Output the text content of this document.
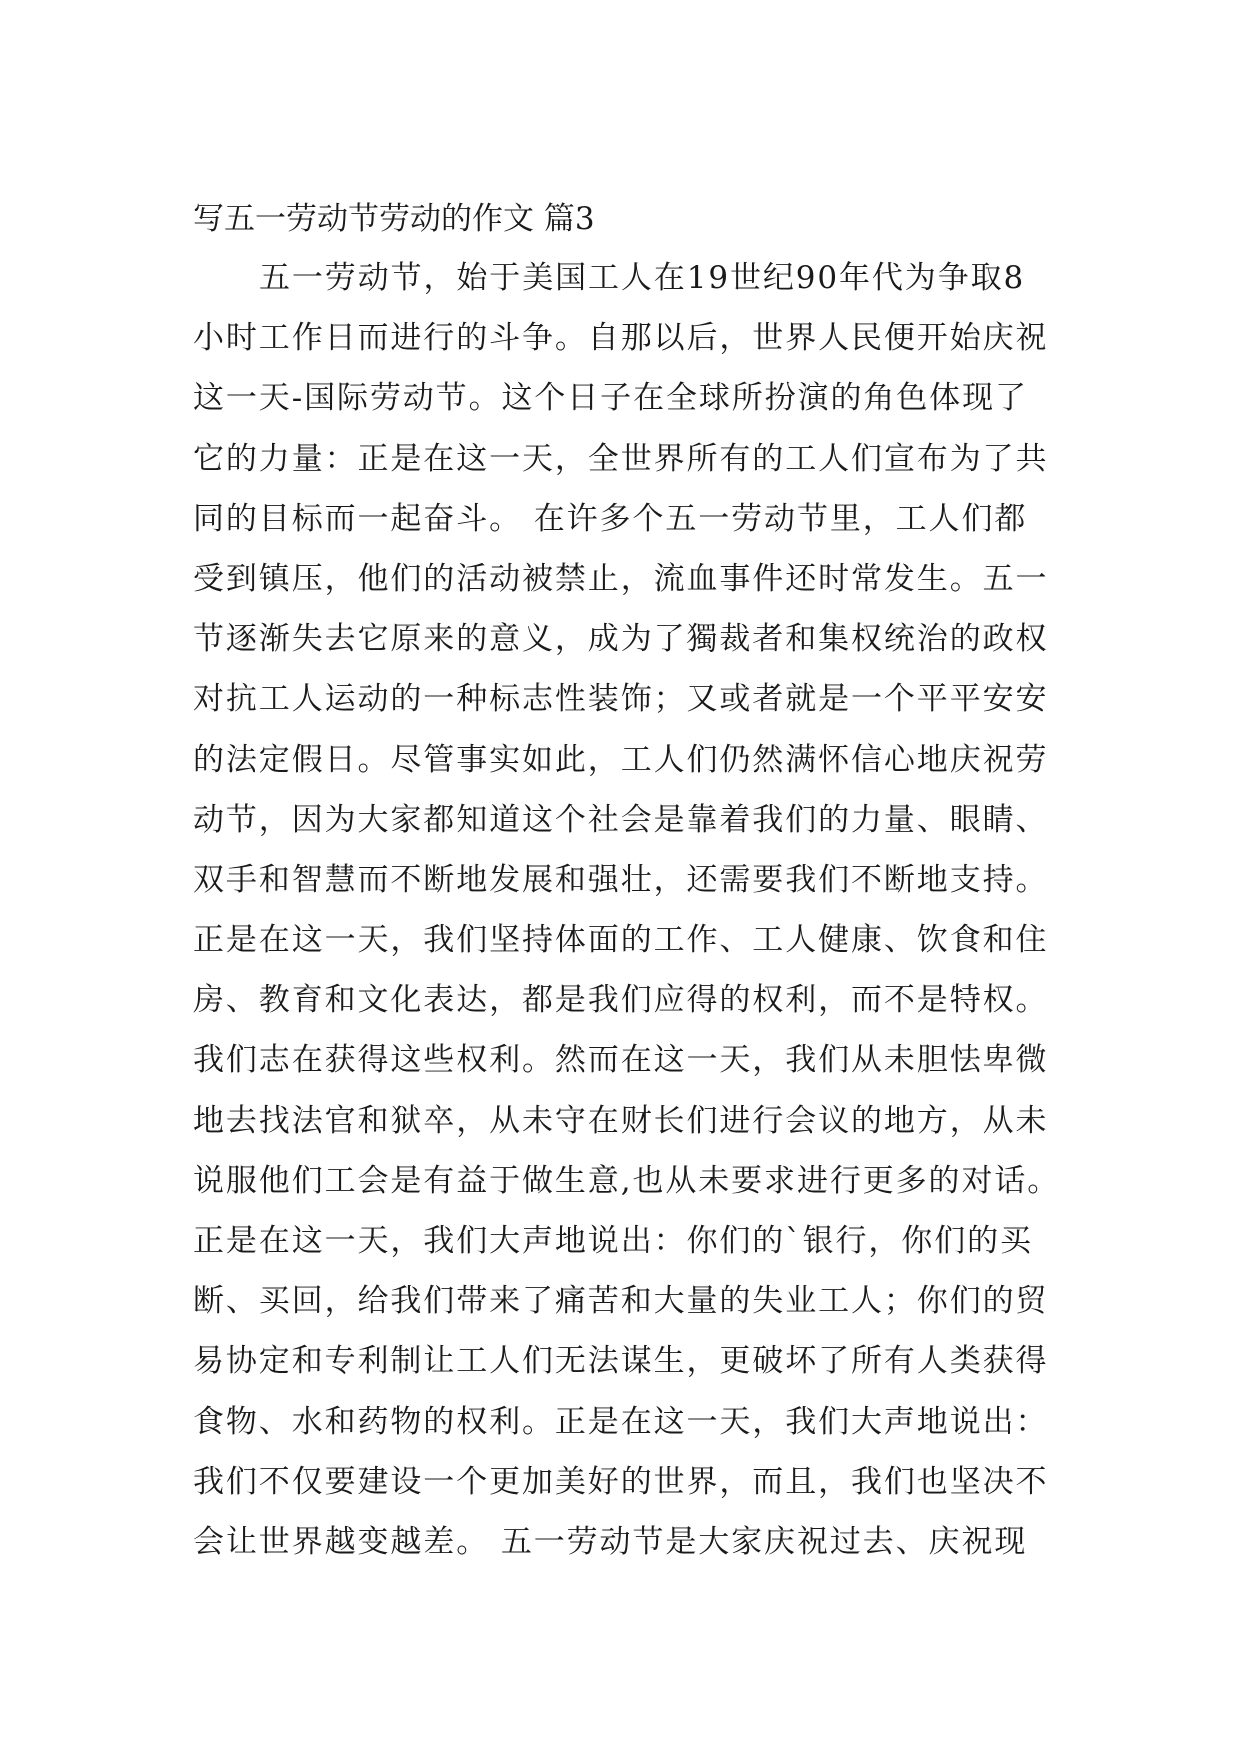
写五一劳动节劳动的作文 篇3

五一劳动节，始于美国工人在19世纪90年代为争取8

小时工作日而进行的斗争。自那以后，世界人民便开始庆祝

这一天-国际劳动节。这个日子在全球所扮演的角色体现了

它的力量：正是在这一天，全世界所有的工人们宣布为了共

同的目标而一起奋斗。 在许多个五一劳动节里，工人们都

受到镇压，他们的活动被禁止，流血事件还时常发生。五一

节逐渐失去它原来的意义，成为了獨裁者和集权统治的政权

对抗工人运动的一种标志性装饰；又或者就是一个平平安安

的法定假日。尽管事实如此，工人们仍然满怀信心地庆祝劳

动节，因为大家都知道这个社会是靠着我们的力量、眼睛、

双手和智慧而不断地发展和强壮，还需要我们不断地支持。

正是在这一天，我们坚持体面的工作、工人健康、饮食和住

房、教育和文化表达，都是我们应得的权利，而不是特权。

我们志在获得这些权利。然而在这一天，我们从未胆怯卑微

地去找法官和狱卒，从未守在财长们进行会议的地方，从未

说服他们工会是有益于做生意,也从未要求进行更多的对话。

正是在这一天，我们大声地说出：你们的`银行，你们的买

断、买回，给我们带来了痛苦和大量的失业工人；你们的贸

易协定和专利制让工人们无法谋生，更破坏了所有人类获得

食物、水和药物的权利。正是在这一天，我们大声地说出：

我们不仅要建设一个更加美好的世界，而且，我们也坚决不

会让世界越变越差。 五一劳动节是大家庆祝过去、庆祝现
